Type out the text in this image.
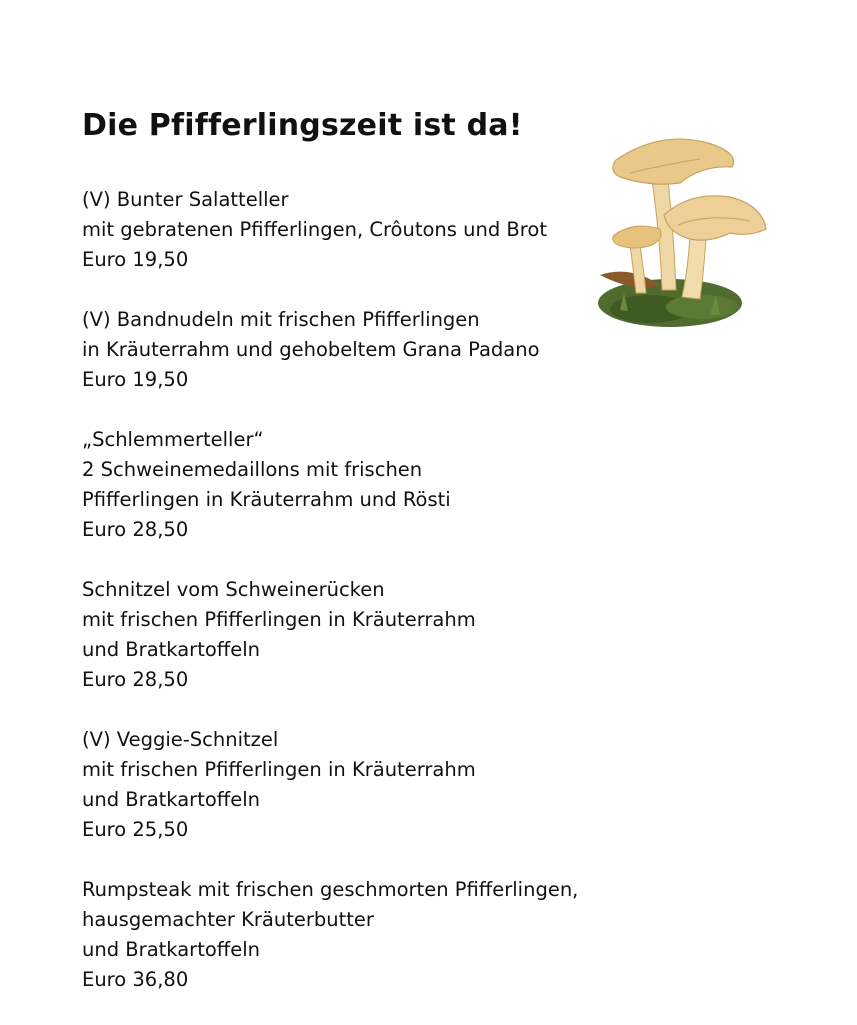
Die Pfifferlingszeit ist da!
(V) Bunter Salatteller
mit gebratenen Pfifferlingen, Crôutons und Brot
Euro 19,50
(V) Bandnudeln mit frischen Pfifferlingen
in Kräuterrahm und gehobeltem Grana Padano
Euro 19,50
„Schlemmerteller“
2 Schweinemedaillons mit frischen
Pfifferlingen in Kräuterrahm und Rösti
Euro 28,50
Schnitzel vom Schweinerücken
mit frischen Pfifferlingen in Kräuterrahm
und Bratkartoffeln
Euro 28,50
(V) Veggie-Schnitzel
mit frischen Pfifferlingen in Kräuterrahm
und Bratkartoffeln
Euro 25,50
Rumpsteak mit frischen geschmorten Pfifferlingen,
hausgemachter Kräuterbutter
und Bratkartoffeln
Euro 36,80
